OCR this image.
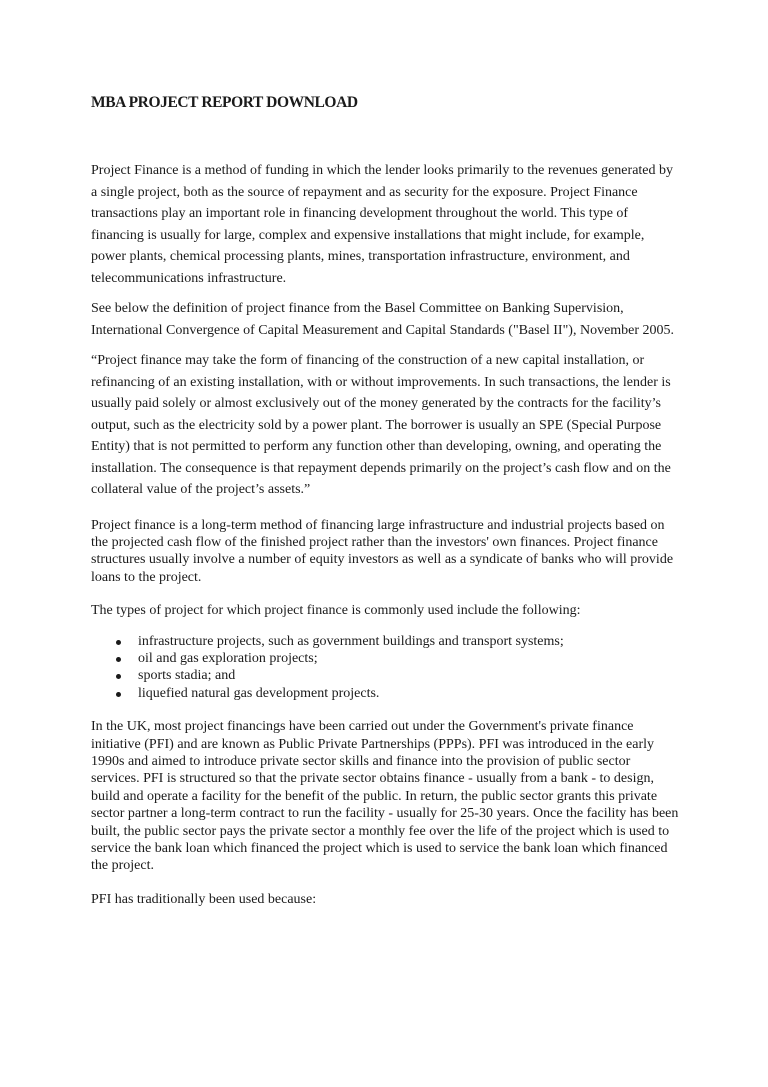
MBA PROJECT REPORT DOWNLOAD

Project Finance is a method of funding in which the lender looks primarily to the revenues generated by a single project, both as the source of repayment and as security for the exposure. Project Finance transactions play an important role in financing development throughout the world. This type of financing is usually for large, complex and expensive installations that might include, for example, power plants, chemical processing plants, mines, transportation infrastructure, environment, and telecommunications infrastructure.

See below the definition of project finance from the Basel Committee on Banking Supervision, International Convergence of Capital Measurement and Capital Standards ("Basel II"), November 2005.

“Project finance may take the form of financing of the construction of a new capital installation, or refinancing of an existing installation, with or without improvements. In such transactions, the lender is usually paid solely or almost exclusively out of the money generated by the contracts for the facility’s output, such as the electricity sold by a power plant. The borrower is usually an SPE (Special Purpose Entity) that is not permitted to perform any function other than developing, owning, and operating the installation. The consequence is that repayment depends primarily on the project’s cash flow and on the collateral value of the project’s assets.”

Project finance is a long-term method of financing large infrastructure and industrial projects based on the projected cash flow of the finished project rather than the investors' own finances. Project finance structures usually involve a number of equity investors as well as a syndicate of banks who will provide loans to the project.

The types of project for which project finance is commonly used include the following:

infrastructure projects, such as government buildings and transport systems;
oil and gas exploration projects;
sports stadia; and
liquefied natural gas development projects.

In the UK, most project financings have been carried out under the Government's private finance initiative (PFI) and are known as Public Private Partnerships (PPPs). PFI was introduced in the early 1990s and aimed to introduce private sector skills and finance into the provision of public sector services. PFI is structured so that the private sector obtains finance - usually from a bank - to design, build and operate a facility for the benefit of the public. In return, the public sector grants this private sector partner a long-term contract to run the facility - usually for 25-30 years. Once the facility has been built, the public sector pays the private sector a monthly fee over the life of the project which is used to service the bank loan which financed the project which is used to service the bank loan which financed the project.

PFI has traditionally been used because:
